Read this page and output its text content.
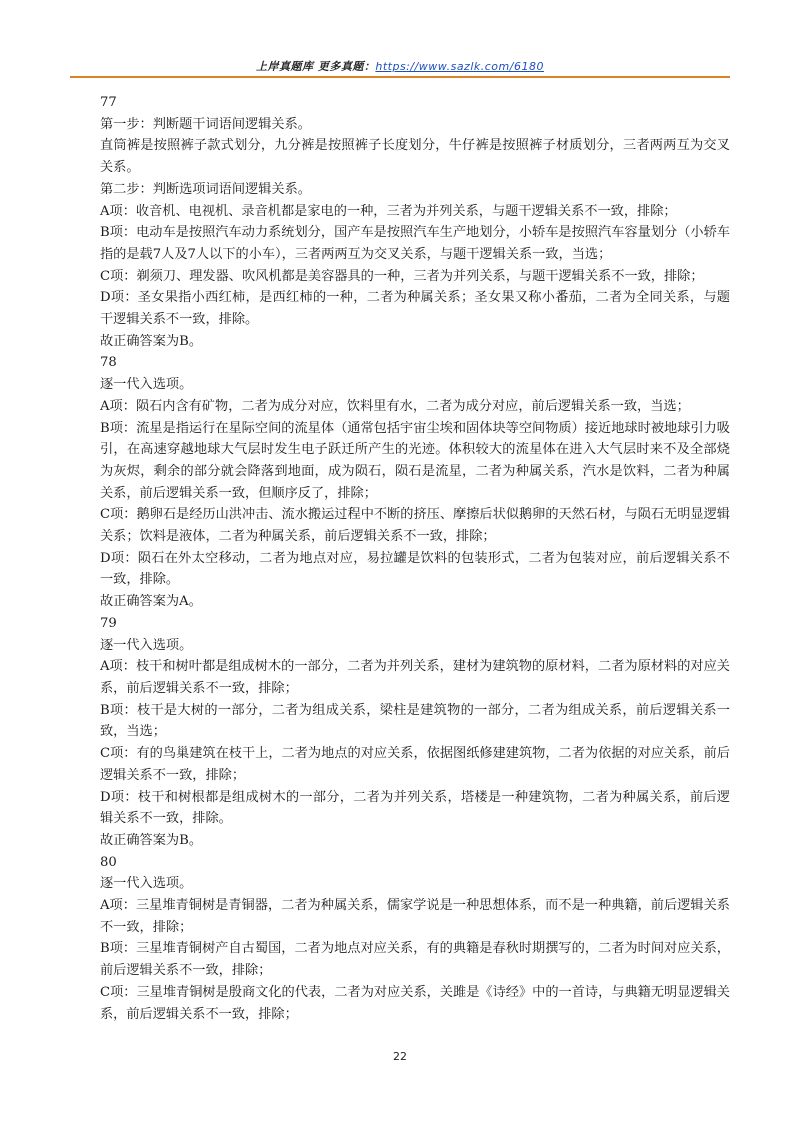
上岸真题库 更多真题：https://www.sazlk.com/6180

77

第一步：判断题干词语间逻辑关系。

直筒裤是按照裤子款式划分，九分裤是按照裤子长度划分，牛仔裤是按照裤子材质划分，三者两两互为交叉关系。

第二步：判断选项词语间逻辑关系。

A项：收音机、电视机、录音机都是家电的一种，三者为并列关系，与题干逻辑关系不一致，排除；

B项：电动车是按照汽车动力系统划分，国产车是按照汽车生产地划分，小轿车是按照汽车容量划分（小轿车指的是载7人及7人以下的小车），三者两两互为交叉关系，与题干逻辑关系一致，当选；

C项：剃须刀、理发器、吹风机都是美容器具的一种，三者为并列关系，与题干逻辑关系不一致，排除；

D项：圣女果指小西红柿，是西红柿的一种，二者为种属关系；圣女果又称小番茄，二者为全同关系，与题干逻辑关系不一致，排除。

故正确答案为B。

78

逐一代入选项。

A项：陨石内含有矿物，二者为成分对应，饮料里有水，二者为成分对应，前后逻辑关系一致，当选；

B项：流星是指运行在星际空间的流星体（通常包括宇宙尘埃和固体块等空间物质）接近地球时被地球引力吸引，在高速穿越地球大气层时发生电子跃迁所产生的光迹。体积较大的流星体在进入大气层时来不及全部烧为灰烬，剩余的部分就会降落到地面，成为陨石，陨石是流星，二者为种属关系，汽水是饮料，二者为种属关系，前后逻辑关系一致，但顺序反了，排除；

C项：鹅卵石是经历山洪冲击、流水搬运过程中不断的挤压、摩擦后状似鹅卵的天然石材，与陨石无明显逻辑关系；饮料是液体，二者为种属关系，前后逻辑关系不一致，排除；

D项：陨石在外太空移动，二者为地点对应，易拉罐是饮料的包装形式，二者为包装对应，前后逻辑关系不一致，排除。

故正确答案为A。

79

逐一代入选项。

A项：枝干和树叶都是组成树木的一部分，二者为并列关系，建材为建筑物的原材料，二者为原材料的对应关系，前后逻辑关系不一致，排除；

B项：枝干是大树的一部分，二者为组成关系，梁柱是建筑物的一部分，二者为组成关系，前后逻辑关系一致，当选；

C项：有的鸟巢建筑在枝干上，二者为地点的对应关系，依据图纸修建建筑物，二者为依据的对应关系，前后逻辑关系不一致，排除；

D项：枝干和树根都是组成树木的一部分，二者为并列关系，塔楼是一种建筑物，二者为种属关系，前后逻辑关系不一致，排除。

故正确答案为B。

80

逐一代入选项。

A项：三星堆青铜树是青铜器，二者为种属关系，儒家学说是一种思想体系，而不是一种典籍，前后逻辑关系不一致，排除；

B项：三星堆青铜树产自古蜀国，二者为地点对应关系，有的典籍是春秋时期撰写的，二者为时间对应关系，前后逻辑关系不一致，排除；

C项：三星堆青铜树是殷商文化的代表，二者为对应关系，关雎是《诗经》中的一首诗，与典籍无明显逻辑关系，前后逻辑关系不一致，排除；

22
